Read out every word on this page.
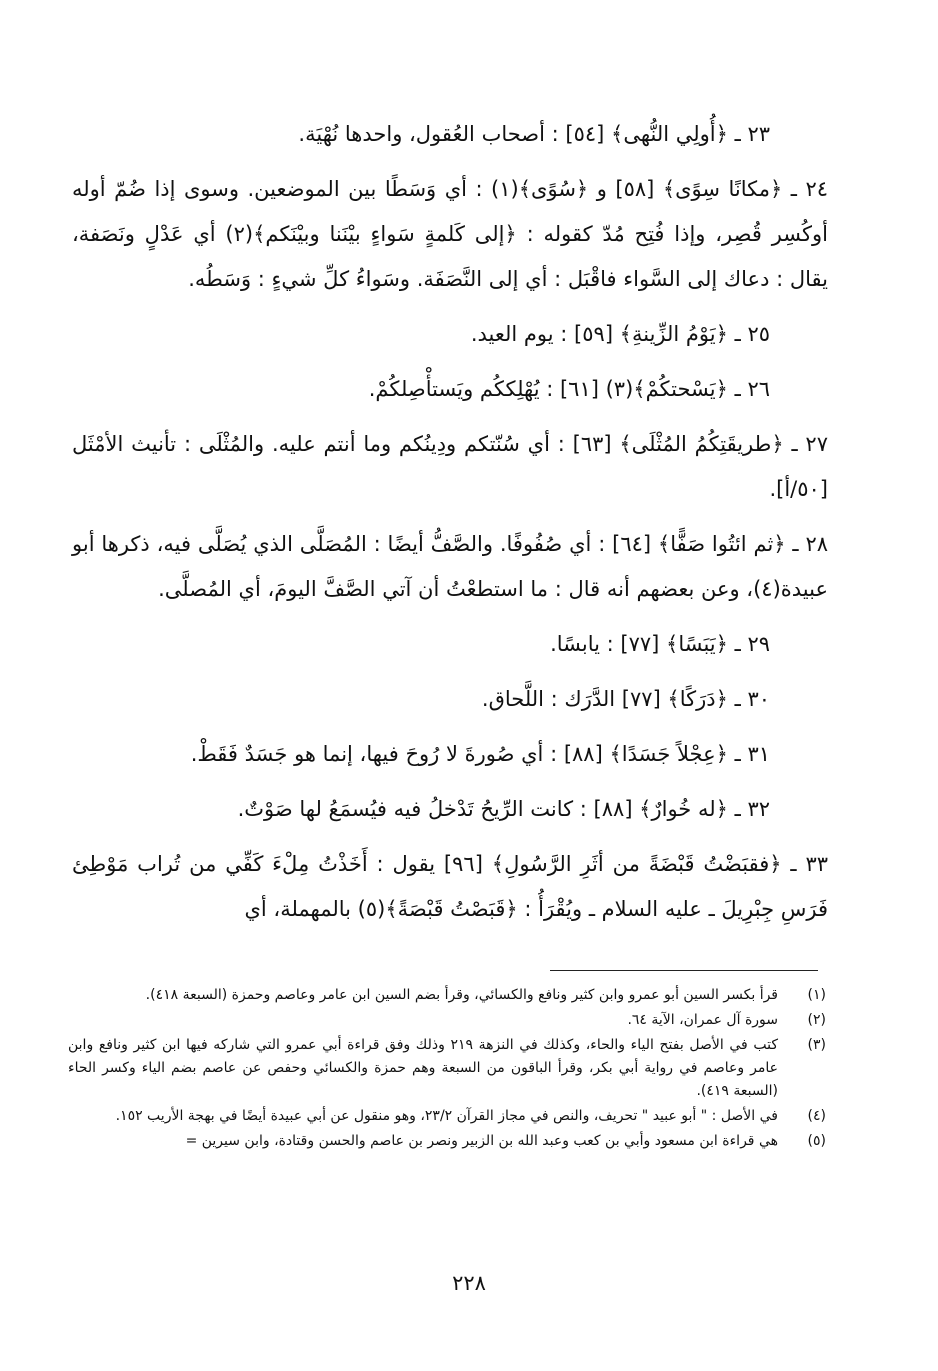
٢٣ ـ ﴿أُولِي النُّهى﴾ [٥٤] : أصحاب العُقول، واحدها نُهْيَة.

٢٤ ـ ﴿مكانًا سِوًى﴾ [٥٨] و ﴿سُوًى﴾(١) : أي وَسَطًا بين الموضعين. وسوى إذا ضُمّ أوله أوكُسِر قُصِر، وإذا فُتِح مُدّ كقوله : ﴿إلى كَلمةٍ سَواءٍ بيْنَنا وبيْنَكم﴾(٢) أي عَدْلٍ ونَصَفة، يقال : دعاك إلى السَّواء فاقْبَل : أي إلى النَّصَفَة. وسَواءُ كلِّ شيءٍ : وَسَطُه.

٢٥ ـ ﴿يَوْمُ الزِّينةِ﴾ [٥٩] : يوم العيد.

٢٦ ـ ﴿يَسْحتكُمْ﴾(٣) [٦١] : يُهْلِككُم ويَستأْصِلكُمْ.

٢٧ ـ ﴿طريقَتِكُمُ المُثْلَى﴾ [٦٣] : أي سُنّتكم ودِينُكم وما أنتم عليه. والمُثْلَى : تأنيث الأمْثَل [٥٠/أ].

٢٨ ـ ﴿ثم ائتُوا صَفًّا﴾ [٦٤] : أي صُفُوفًا. والصَّفُّ أيضًا : المُصَلَّى الذي يُصَلَّى فيه، ذكرها أبو عبيدة(٤)، وعن بعضهم أنه قال : ما استطعْتُ أن آتي الصَّفَّ اليومَ، أي المُصلَّى.

٢٩ ـ ﴿يَبَسًا﴾ [٧٧] : يابسًا.

٣٠ ـ ﴿دَرَكًا﴾ [٧٧] الدَّرَك : اللَّحاق.

٣١ ـ ﴿عِجْلاً جَسَدًا﴾ [٨٨] : أي صُورةَ لا رُوحَ فيها، إنما هو جَسَدٌ فَقَطْ.

٣٢ ـ ﴿له خُوارٌ﴾ [٨٨] : كانت الرِّيحُ تَدْخلُ فيه فيُسمَعُ لها صَوْتٌ.

٣٣ ـ ﴿فقبَضْتُ قَبْضَةً من أثَرِ الرَّسُولِ﴾ [٩٦] يقول : أَخَذْتُ مِلْءَ كَفِّي من تُراب مَوْطِئ فَرَسِ جِبْرِيلَ ـ عليه السلام ـ ويُقْرَأُ : ﴿قَبَصْتُ قَبْصَةً﴾(٥) بالمهملة، أي

(١)
قرأ بكسر السين أبو عمرو وابن كثير ونافع والكسائي، وقرأ بضم السين ابن عامر وعاصم وحمزة (السبعة ٤١٨).
(٢)
سورة آل عمران، الآية ٦٤.
(٣)
كتب في الأصل بفتح الياء والحاء، وكذلك في النزهة ٢١٩ وذلك وفق قراءة أبي عمرو التي شاركه فيها ابن كثير ونافع وابن عامر وعاصم في رواية أبي بكر، وقرأ الباقون من السبعة وهم حمزة والكسائي وحفص عن عاصم بضم الياء وكسر الحاء (السبعة ٤١٩).
(٤)
في الأصل : " أبو عبيد " تحريف، والنص في مجاز القرآن ٢٣/٢، وهو منقول عن أبي عبيدة أيضًا في بهجة الأريب ١٥٢.
(٥)
هي قراءة ابن مسعود وأبي بن كعب وعبد الله بن الزبير ونصر بن عاصم والحسن وقتادة، وابن سيرين =
٢٢٨
